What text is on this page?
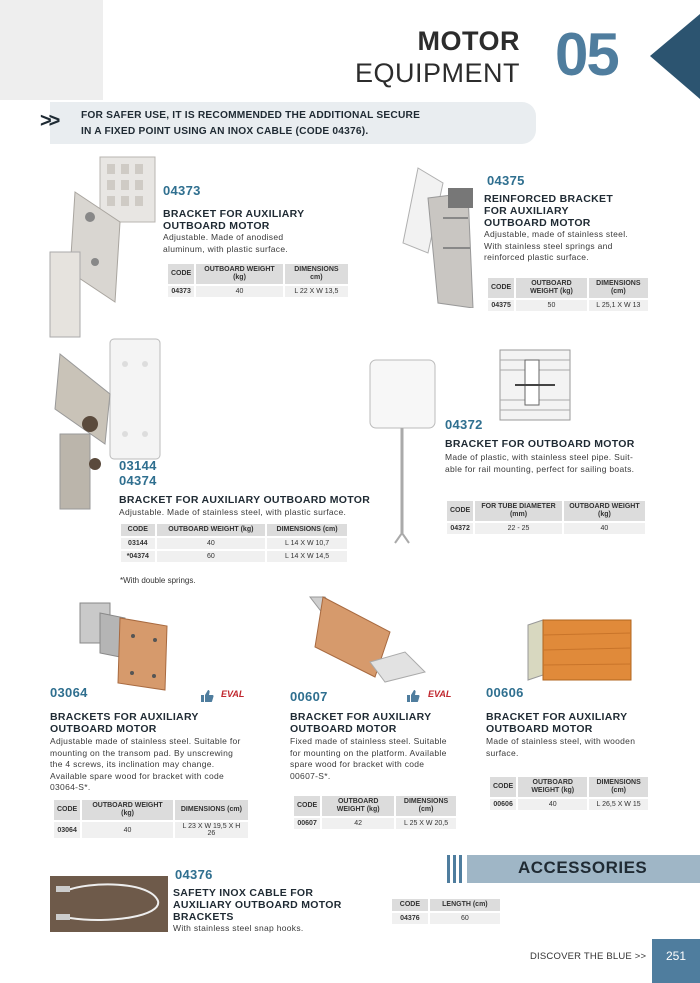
MOTOR
EQUIPMENT 05
>> FOR SAFER USE, IT IS RECOMMENDED THE ADDITIONAL SECURE
IN A FIXED POINT USING AN INOX CABLE (CODE 04376).
04373
BRACKET FOR AUXILIARY
OUTBOARD MOTOR
Adjustable. Made of anodised
aluminum, with plastic surface.
CODE	OUTBOARD WEIGHT (kg)	DIMENSIONS cm)
04373	40	L 22 X W 13,5
04375
REINFORCED BRACKET
FOR AUXILIARY
OUTBOARD MOTOR
Adjustable, made of stainless steel.
With stainless steel springs and
reinforced plastic surface.
CODE	OUTBOARD WEIGHT (kg)	DIMENSIONS (cm)
04375	50	L 25,1 X W 13
03144
04374
BRACKET FOR AUXILIARY OUTBOARD MOTOR
Adjustable. Made of stainless steel, with plastic surface.
CODE	OUTBOARD WEIGHT (kg)	DIMENSIONS (cm)
03144	40	L 14 X W 10,7
*04374	60	L 14 X W 14,5
*With double springs.
04372
BRACKET FOR OUTBOARD MOTOR
Made of plastic, with stainless steel pipe. Suit-
able for rail mounting, perfect for sailing boats.
CODE	FOR TUBE DIAMETER (mm)	OUTBOARD WEIGHT (kg)
04372	22 - 25	40
03064	EVAL
BRACKETS FOR AUXILIARY
OUTBOARD MOTOR
Adjustable made of stainless steel. Suitable for
mounting on the transom pad. By unscrewing
the 4 screws, its inclination may change.
Available spare wood for bracket with code
03064-S*.
CODE	OUTBOARD WEIGHT (kg)	DIMENSIONS (cm)
03064	40	L 23 X W 19,5 X H 26
00607	EVAL
BRACKET FOR AUXILIARY
OUTBOARD MOTOR
Fixed made of stainless steel. Suitable
for mounting on the platform. Available
spare wood for bracket with code
00607-S*.
CODE	OUTBOARD WEIGHT (kg)	DIMENSIONS (cm)
00607	42	L 25 X W 20,5
00606
BRACKET FOR AUXILIARY
OUTBOARD MOTOR
Made of stainless steel, with wooden
surface.
CODE	OUTBOARD WEIGHT (kg)	DIMENSIONS (cm)
00606	40	L 26,5 X W 15
ACCESSORIES
04376
SAFETY INOX CABLE FOR
AUXILIARY OUTBOARD MOTOR
BRACKETS
With stainless steel snap hooks.
CODE	LENGTH (cm)
04376	60
DISCOVER THE BLUE >>	251
